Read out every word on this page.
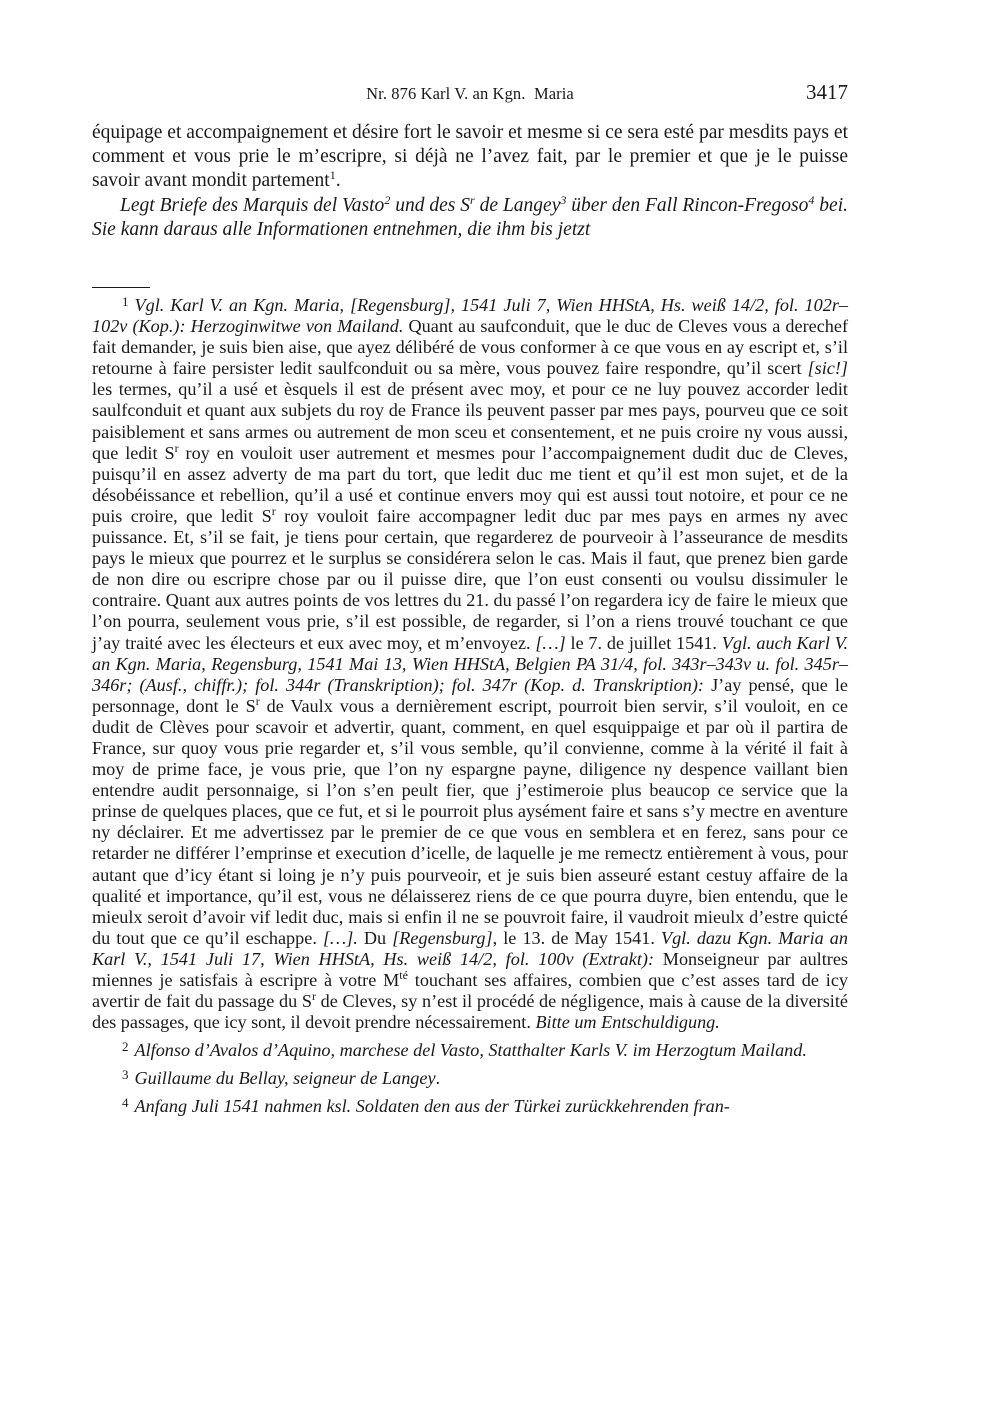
Nr. 876 Karl V. an Kgn.  Maria	3417

équipage et accompaignement et désire fort le savoir et mesme si ce sera esté par mesdits pays et comment et vous prie le m’escripre, si déjà ne l’avez fait, par le premier et que je le puisse savoir avant mondit partement$^1$.

Legt Briefe des Marquis del Vasto$^2$ und des $S^r$ de Langey$^3$ über den Fall Rincon-Fregoso$^4$ bei. Sie kann daraus alle Informationen entnehmen, die ihm bis jetzt

$^1$ Vgl. Karl V. an Kgn. Maria, [Regensburg], 1541 Juli 7, Wien HHStA, Hs. weiß 14/2, fol. 102r–102v (Kop.): Herzoginwitwe von Mailand. Quant au saufconduit, que le duc de Cleves vous a derechef fait demander, je suis bien aise, que ayez délibéré de vous conformer à ce que vous en ay escript et, s’il retourne à faire persister ledit saulfconduit ou sa mère, vous pouvez faire respondre, qu’il scert [sic!] les termes, qu’il a usé et èsquels il est de présent avec moy, et pour ce ne luy pouvez accorder ledit saulfconduit et quant aux subjets du roy de France ils peuvent passer par mes pays, pourveu que ce soit paisiblement et sans armes ou autrement de mon sceu et consentement, et ne puis croire ny vous aussi, que ledit $S^r$ roy en vouloit user autrement et mesmes pour l’accompaignement dudit duc de Cleves, puisqu’il en assez adverty de ma part du tort, que ledit duc me tient et qu’il est mon sujet, et de la désobéissance et rebellion, qu’il a usé et continue envers moy qui est aussi tout notoire, et pour ce ne puis croire, que ledit $S^r$ roy vouloit faire accompagner ledit duc par mes pays en armes ny avec puissance. Et, s’il se fait, je tiens pour certain, que regarderez de pourveoir à l’asseurance de mesdits pays le mieux que pourrez et le surplus se considérera selon le cas. Mais il faut, que prenez bien garde de non dire ou escripre chose par ou il puisse dire, que l’on eust consenti ou voulsu dissimuler le contraire. Quant aux autres points de vos lettres du 21. du passé l’on regardera icy de faire le mieux que l’on pourra, seulement vous prie, s’il est possible, de regarder, si l’on a riens trouvé touchant ce que j’ay traité avec les électeurs et eux avec moy, et m’envoyez. […] le 7. de juillet 1541. Vgl. auch Karl V. an Kgn. Maria, Regensburg, 1541 Mai 13, Wien HHStA, Belgien PA 31/4, fol. 343r–343v u. fol. 345r–346r; (Ausf., chiffr.); fol. 344r (Transkription); fol. 347r (Kop. d. Transkription): J’ay pensé, que le personnage, dont le $S^r$ de Vaulx vous a dernièrement escript, pourroit bien servir, s’il vouloit, en ce dudit de Clèves pour scavoir et advertir, quant, comment, en quel esquippaige et par où il partira de France, sur quoy vous prie regarder et, s’il vous semble, qu’il convienne, comme à la vérité il fait à moy de prime face, je vous prie, que l’on ny espargne payne, diligence ny despence vaillant bien entendre audit personnaige, si l’on s’en peult fier, que j’estimeroie plus beaucop ce service que la prinse de quelques places, que ce fut, et si le pourroit plus aysément faire et sans s’y mectre en aventure ny déclairer. Et me advertissez par le premier de ce que vous en semblera et en ferez, sans pour ce retarder ne différer l’emprinse et execution d’icelle, de laquelle je me remectz entièrement à vous, pour autant que d’icy étant si loing je n’y puis pourveoir, et je suis bien asseuré estant cestuy affaire de la qualité et importance, qu’il est, vous ne délaisserez riens de ce que pourra duyre, bien entendu, que le mieulx seroit d’avoir vif ledit duc, mais si enfin il ne se pouvroit faire, il vaudroit mieulx d’estre quicté du tout que ce qu’il eschappe. […]. Du [Regensburg], le 13. de May 1541. Vgl. dazu Kgn. Maria an Karl V., 1541 Juli 17, Wien HHStA, Hs. weiß 14/2, fol. 100v (Extrakt): Monseigneur par aultres miennes je satisfais à escripre à votre $M^{té}$ touchant ses affaires, combien que c’est asses tard de icy avertir de fait du passage du $S^r$ de Cleves, sy n’est il procédé de négligence, mais à cause de la diversité des passages, que icy sont, il devoit prendre nécessairement. Bitte um Entschuldigung.

$^2$ Alfonso d’Avalos d’Aquino, marchese del Vasto, Statthalter Karls V. im Herzogtum Mailand.

$^3$ Guillaume du Bellay, seigneur de Langey.

$^4$ Anfang Juli 1541 nahmen ksl. Soldaten den aus der Türkei zurückkehrenden fran-
